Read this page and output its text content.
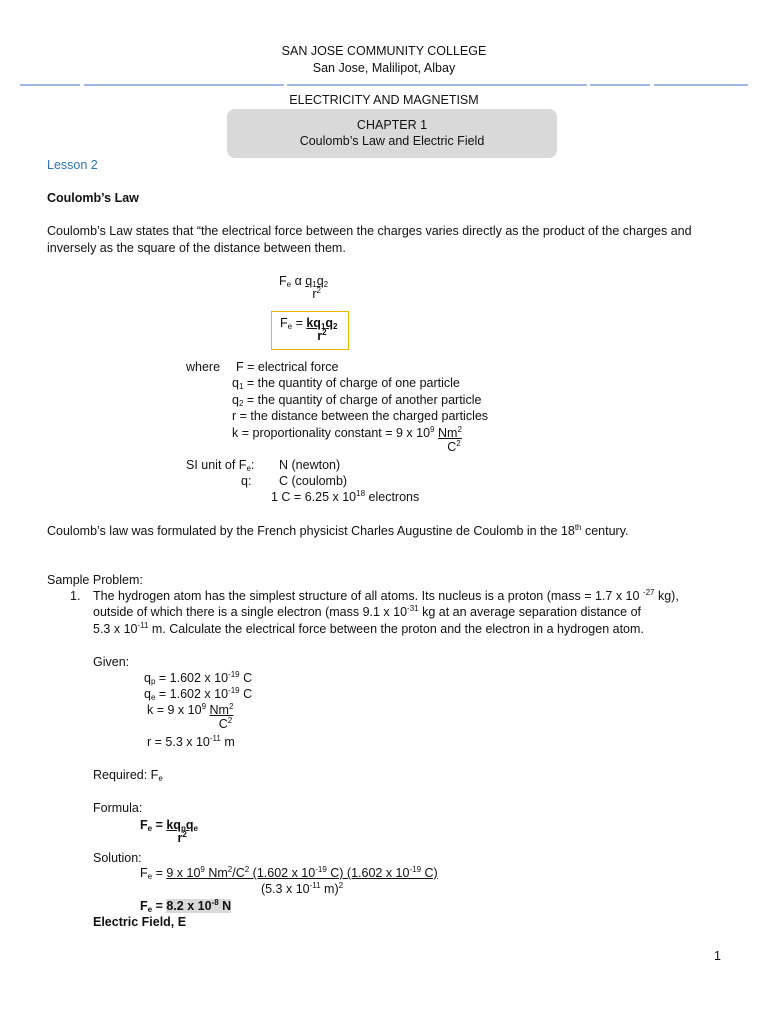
SAN JOSE COMMUNITY COLLEGE
San Jose, Malilipot, Albay
ELECTRICITY AND MAGNETISM
CHAPTER 1
Coulomb’s Law and Electric Field
Lesson 2
Coulomb’s Law
Coulomb’s Law states that “the electrical force between the charges varies directly as the product of the charges and
inversely as the square of the distance between them.
$F_e$ α $\frac{q_1q_2}{r^2}$
$F_e = \frac{kq_1q_2}{r^2}$
where F = electrical force
$q_1$ = the quantity of charge of one particle
$q_2$ = the quantity of charge of another particle
r = the distance between the charged particles
k = proportionality constant = 9 x $10^9 \frac{Nm^2}{C^2}$
SI unit of $F_e$: N (newton)
q: C (coulomb)
1 C = 6.25 x $10^{18}$ electrons
Coulomb’s law was formulated by the French physicist Charles Augustine de Coulomb in the 18th century.
Sample Problem:
1. The hydrogen atom has the simplest structure of all atoms. Its nucleus is a proton (mass = 1.7 x 10 $^{-27}$ kg),
outside of which there is a single electron (mass 9.1 x $10^{-31}$ kg at an average separation distance of
5.3 x $10^{-11}$ m. Calculate the electrical force between the proton and the electron in a hydrogen atom.
Given:
$q_p = 1.602$ x $10^{-19}$ C
$q_e = 1.602$ x $10^{-19}$ C
k = 9 x $10^9 \frac{Nm^2}{C^2}$
r = 5.3 x $10^{-11}$ m
Required: $F_e$
Formula:
$F_e = \frac{kq_pq_e}{r^2}$
Solution:
$F_e = \frac{9 x 10^9 Nm^2/C^2 (1.602 x 10^{-19} C) (1.602 x 10^{-19} C)}{(5.3 x 10^{-11} m)^2}$
$F_e = 8.2$ x $10^{-8}$ N
Electric Field, E
1
